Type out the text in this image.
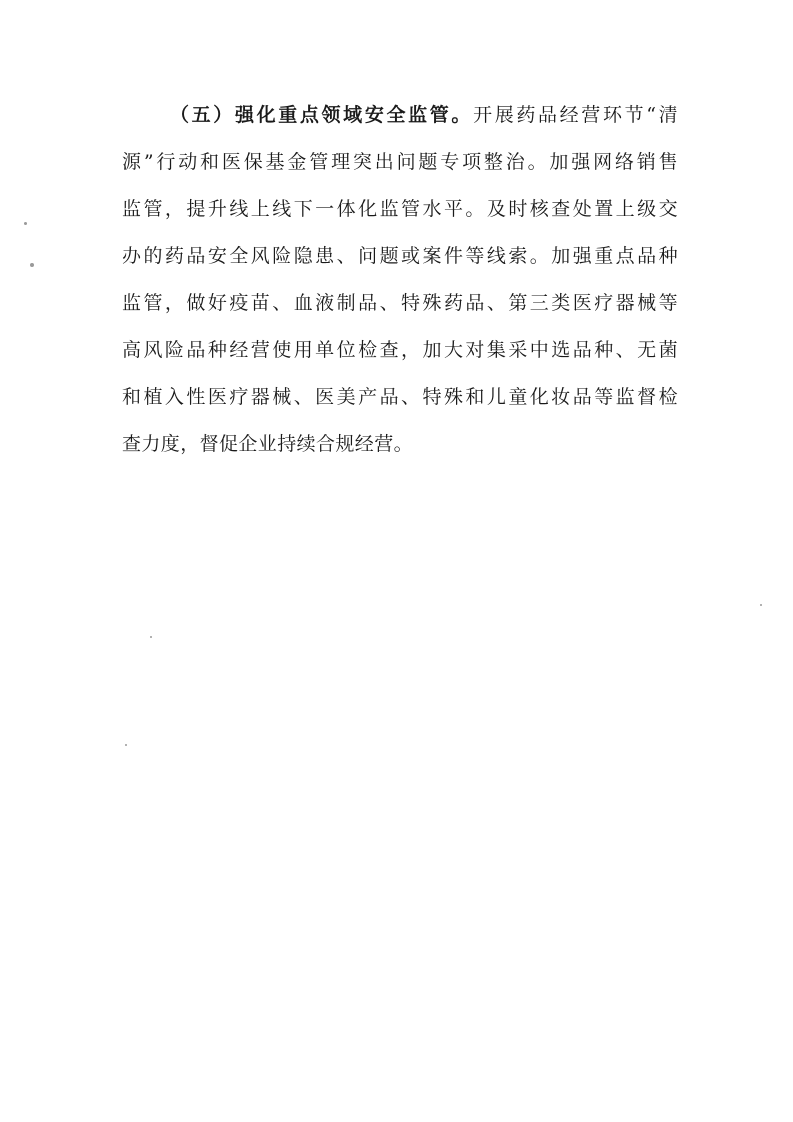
（五）强化重点领域安全监管。开展药品经营环节“清
源”行动和医保基金管理突出问题专项整治。加强网络销售
监管，提升线上线下一体化监管水平。及时核查处置上级交
办的药品安全风险隐患、问题或案件等线索。加强重点品种
监管，做好疫苗、血液制品、特殊药品、第三类医疗器械等
高风险品种经营使用单位检查，加大对集采中选品种、无菌
和植入性医疗器械、医美产品、特殊和儿童化妆品等监督检
查力度，督促企业持续合规经营。
